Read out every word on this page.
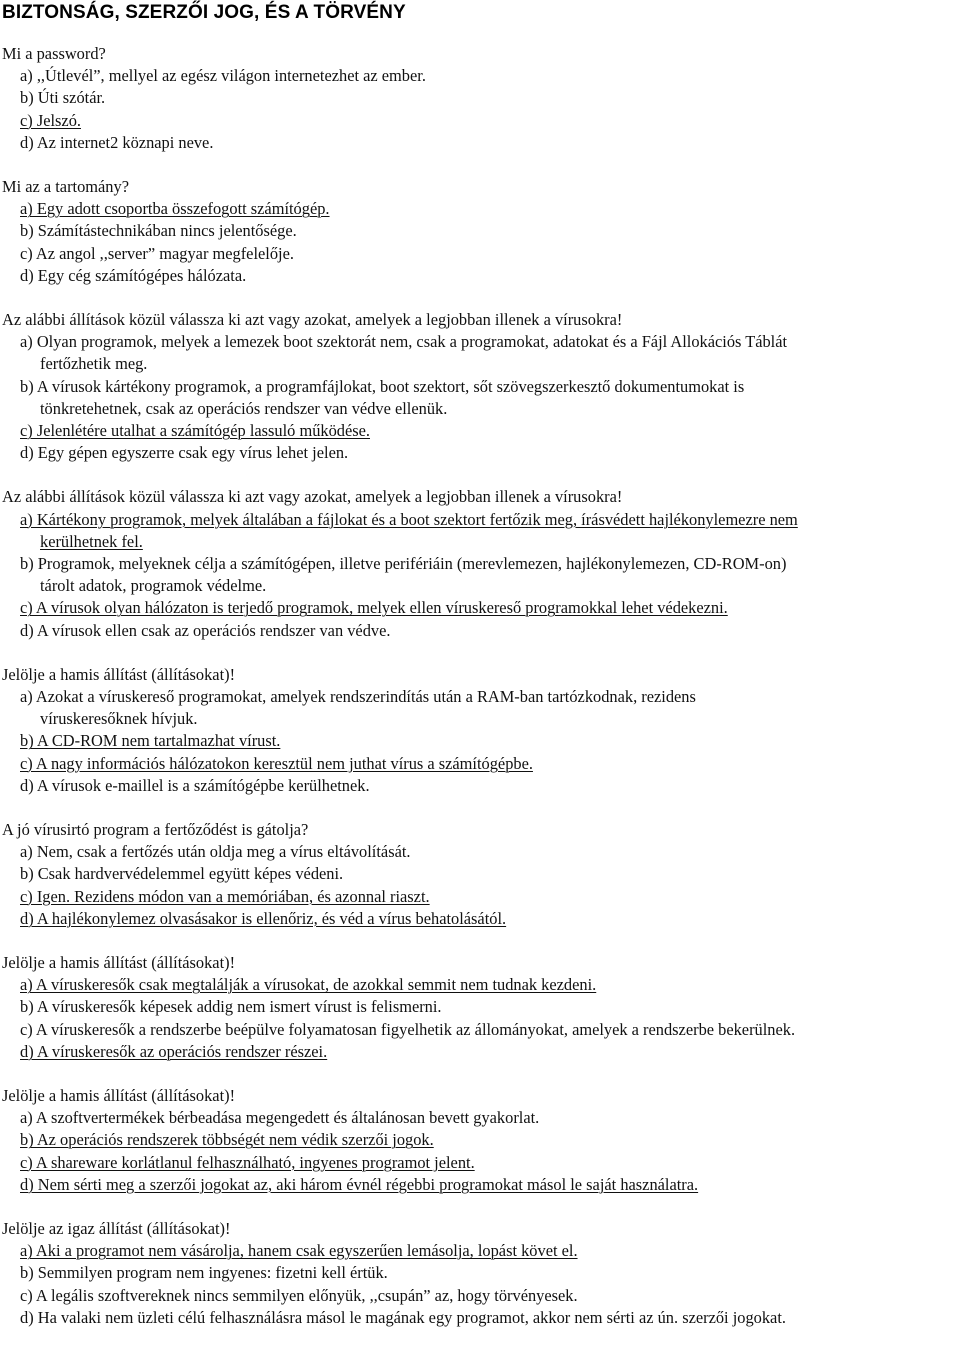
BIZTONSÁG, SZERZŐI JOG, ÉS A TÖRVÉNY
Mi a password?
a) ,,Útlevél”, mellyel az egész világon internetezhet az ember.
b) Úti szótár.
c) Jelszó.
d) Az internet2 köznapi neve.
Mi az a tartomány?
a) Egy adott csoportba összefogott számítógép.
b) Számítástechnikában nincs jelentősége.
c) Az angol ,,server” magyar megfelelője.
d) Egy cég számítógépes hálózata.
Az alábbi állítások közül válassza ki azt vagy azokat, amelyek a legjobban illenek a vírusokra!
a) Olyan programok, melyek a lemezek boot szektorát nem, csak a programokat, adatokat és a Fájl Allokációs Táblát
fertőzhetik meg.
b) A vírusok kártékony programok, a programfájlokat, boot szektort, sőt szövegszerkesztő dokumentumokat is
tönkretehetnek, csak az operációs rendszer van védve ellenük.
c) Jelenlétére utalhat a számítógép lassuló működése.
d) Egy gépen egyszerre csak egy vírus lehet jelen.
Az alábbi állítások közül válassza ki azt vagy azokat, amelyek a legjobban illenek a vírusokra!
a) Kártékony programok, melyek általában a fájlokat és a boot szektort fertőzik meg, írásvédett hajlékonylemezre nem
kerülhetnek fel.
b) Programok, melyeknek célja a számítógépen, illetve perifériáin (merevlemezen, hajlékonylemezen, CD-ROM-on)
tárolt adatok, programok védelme.
c) A vírusok olyan hálózaton is terjedő programok, melyek ellen víruskereső programokkal lehet védekezni.
d) A vírusok ellen csak az operációs rendszer van védve.
Jelölje a hamis állítást (állításokat)!
a) Azokat a víruskereső programokat, amelyek rendszerindítás után a RAM-ban tartózkodnak, rezidens
víruskeresőknek hívjuk.
b) A CD-ROM nem tartalmazhat vírust.
c) A nagy információs hálózatokon keresztül nem juthat vírus a számítógépbe.
d) A vírusok e-maillel is a számítógépbe kerülhetnek.
A jó vírusirtó program a fertőződést is gátolja?
a) Nem, csak a fertőzés után oldja meg a vírus eltávolítását.
b) Csak hardvervédelemmel együtt képes védeni.
c) Igen. Rezidens módon van a memóriában, és azonnal riaszt.
d) A hajlékonylemez olvasásakor is ellenőriz, és véd a vírus behatolásától.
Jelölje a hamis állítást (állításokat)!
a) A víruskeresők csak megtalálják a vírusokat, de azokkal semmit nem tudnak kezdeni.
b) A víruskeresők képesek addig nem ismert vírust is felismerni.
c) A víruskeresők a rendszerbe beépülve folyamatosan figyelhetik az állományokat, amelyek a rendszerbe bekerülnek.
d) A víruskeresők az operációs rendszer részei.
Jelölje a hamis állítást (állításokat)!
a) A szoftvertermékek bérbeadása megengedett és általánosan bevett gyakorlat.
b) Az operációs rendszerek többségét nem védik szerzői jogok.
c) A shareware korlátlanul felhasználható, ingyenes programot jelent.
d) Nem sérti meg a szerzői jogokat az, aki három évnél régebbi programokat másol le saját használatra.
Jelölje az igaz állítást (állításokat)!
a) Aki a programot nem vásárolja, hanem csak egyszerűen lemásolja, lopást követ el.
b) Semmilyen program nem ingyenes: fizetni kell értük.
c) A legális szoftvereknek nincs semmilyen előnyük, ,,csupán” az, hogy törvényesek.
d) Ha valaki nem üzleti célú felhasználásra másol le magának egy programot, akkor nem sérti az ún. szerzői jogokat.
